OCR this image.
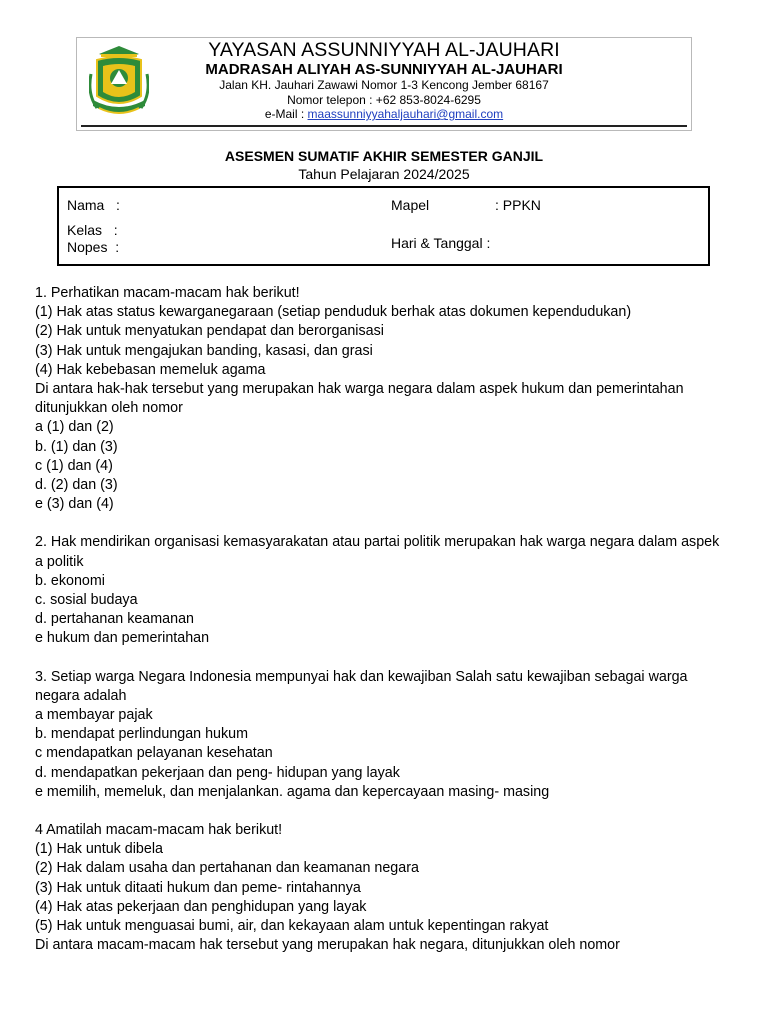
YAYASAN ASSUNNIYYAH AL-JAUHARI
MADRASAH ALIYAH AS-SUNNIYYAH AL-JAUHARI
Jalan KH. Jauhari Zawawi Nomor 1-3 Kencong Jember 68167
Nomor telepon : +62 853-8024-6295
e-Mail : maassunniyyahaljauhari@gmail.com
ASESMEN SUMATIF AKHIR SEMESTER GANJIL
Tahun Pelajaran 2024/2025
Nama   :
Kelas   :
Nopes  :
Mapel	: PPKN
Hari & Tanggal :

1. Perhatikan macam-macam hak berikut!

(1) Hak atas status kewarganegaraan (setiap penduduk berhak atas dokumen kependudukan)

(2) Hak untuk menyatukan pendapat dan berorganisasi

(3) Hak untuk mengajukan banding, kasasi, dan grasi

(4) Hak kebebasan memeluk agama

Di antara hak-hak tersebut yang merupakan hak warga negara dalam aspek hukum dan pemerintahan ditunjukkan oleh nomor

a (1) dan (2)

b. (1) dan (3)

c (1) dan (4)

d. (2) dan (3)

e (3) dan (4)

2. Hak mendirikan organisasi kemasyarakatan atau partai politik merupakan hak warga negara dalam aspek

a politik

b. ekonomi

c. sosial budaya

d. pertahanan keamanan

e hukum dan pemerintahan

3. Setiap warga Negara Indonesia mempunyai hak dan kewajiban Salah satu kewajiban sebagai warga negara adalah

a membayar pajak

b. mendapat perlindungan hukum

c mendapatkan pelayanan kesehatan

d. mendapatkan pekerjaan dan peng- hidupan yang layak

e memilih, memeluk, dan menjalankan. agama dan kepercayaan masing- masing

4 Amatilah macam-macam hak berikut!

(1) Hak untuk dibela

(2) Hak dalam usaha dan pertahanan dan keamanan negara

(3) Hak untuk ditaati hukum dan peme- rintahannya

(4) Hak atas pekerjaan dan penghidupan yang layak

(5) Hak untuk menguasai bumi, air, dan kekayaan alam untuk kepentingan rakyat

Di antara macam-macam hak tersebut yang merupakan hak negara, ditunjukkan oleh nomor
